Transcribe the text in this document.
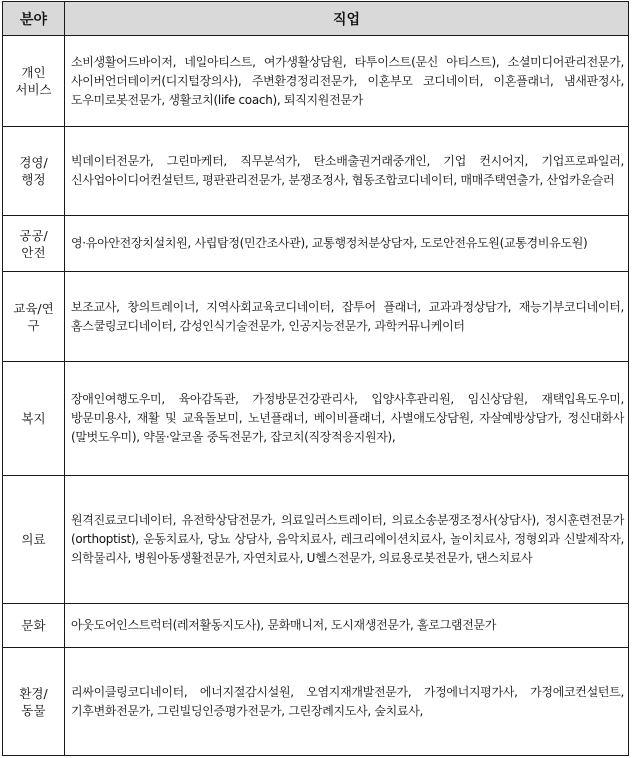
분야	직업
개인
서비스	소비생활어드바이저, 네일아티스트, 여가생활상담원, 타투이스트(문신 아티스트), 소셜미디어관리전문가, 사이버언더테이커(디지털장의사), 주변환경정리전문가, 이혼부모 코디네이터, 이혼플래너, 냄새판정사, 도우미로봇전문가, 생활코치(life coach), 퇴직지원전문가

경영/
행정	빅데이터전문가, 그린마케터, 직무분석가, 탄소배출권거래중개인, 기업 컨시어지, 기업프로파일러, 신사업아이디어컨설턴트, 평판관리전문가, 분쟁조정사, 협동조합코디네이터, 매매주택연출가, 산업카운슬러

공공/
안전	영·유아안전장치설치원, 사립탐정(민간조사관), 교통행정처분상담자, 도로안전유도원(교통경비유도원)

교육/연
구	보조교사, 창의트레이너, 지역사회교육코디네이터, 잡투어 플래너, 교과과정상담가, 재능기부코디네이터, 홈스쿨링코디네이터, 감성인식기술전문가, 인공지능전문가, 과학커뮤니케이터

복지	장애인여행도우미, 육아감독관, 가정방문건강관리사, 입양사후관리원, 임신상담원, 재택입욕도우미, 방문미용사, 재활 및 교육돌보미, 노년플래너, 베이비플래너, 사별애도상담원, 자살예방상담가, 정신대화사(말벗도우미), 약물·알코올 중독전문가, 잡코치(직장적응지원자),

의료	원격진료코디네이터, 유전학상담전문가, 의료일러스트레이터, 의료소송분쟁조정사(상담사), 정시훈련전문가(orthoptist), 운동치료사, 당뇨 상담사, 음악치료사, 레크리에이션치료사, 놀이치료사, 정형외과 신발제작자, 의학물리사, 병원아동생활전문가, 자연치료사, U헬스전문가, 의료용로봇전문가, 댄스치료사

문화	아웃도어인스트럭터(레저활동지도사), 문화매니저, 도시재생전문가, 홀로그램전문가

환경/
동물	리싸이클링코디네이터, 에너지절감시설원, 오염지재개발전문가, 가정에너지평가사, 가정에코컨설턴트, 기후변화전문가, 그린빌딩인증평가전문가, 그린장례지도사, 숲치료사,
